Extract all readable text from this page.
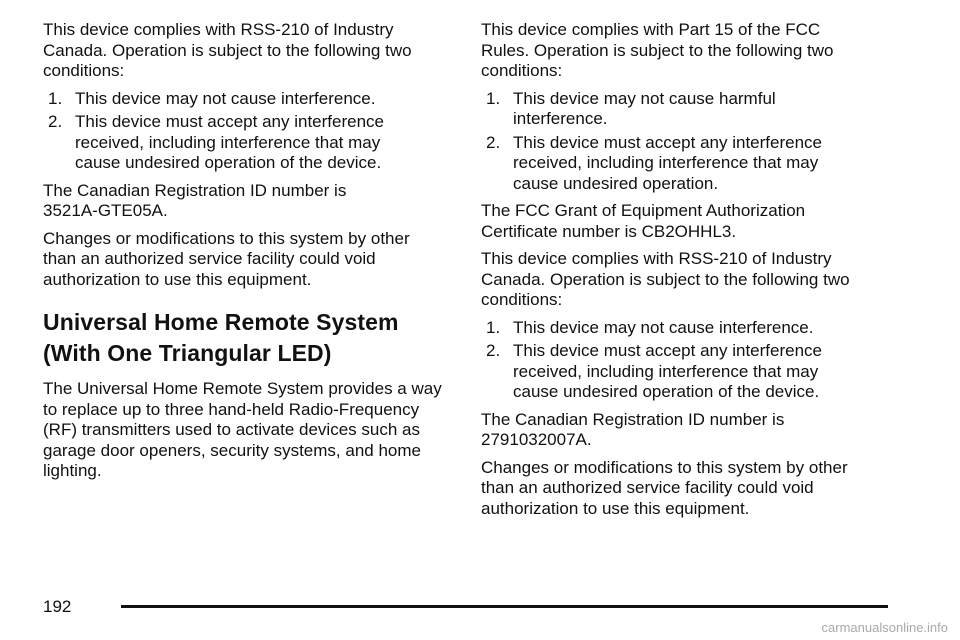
This device complies with RSS-210 of Industry Canada. Operation is subject to the following two conditions:

1. This device may not cause interference.
2. This device must accept any interference received, including interference that may cause undesired operation of the device.

The Canadian Registration ID number is 3521A-GTE05A.

Changes or modifications to this system by other than an authorized service facility could void authorization to use this equipment.

Universal Home Remote System (With One Triangular LED)

The Universal Home Remote System provides a way to replace up to three hand-held Radio-Frequency (RF) transmitters used to activate devices such as garage door openers, security systems, and home lighting.

This device complies with Part 15 of the FCC Rules. Operation is subject to the following two conditions:

1. This device may not cause harmful interference.
2. This device must accept any interference received, including interference that may cause undesired operation.

The FCC Grant of Equipment Authorization Certificate number is CB2OHHL3.

This device complies with RSS-210 of Industry Canada. Operation is subject to the following two conditions:

1. This device may not cause interference.
2. This device must accept any interference received, including interference that may cause undesired operation of the device.

The Canadian Registration ID number is 2791032007A.

Changes or modifications to this system by other than an authorized service facility could void authorization to use this equipment.

192
carmanualsonline.info
